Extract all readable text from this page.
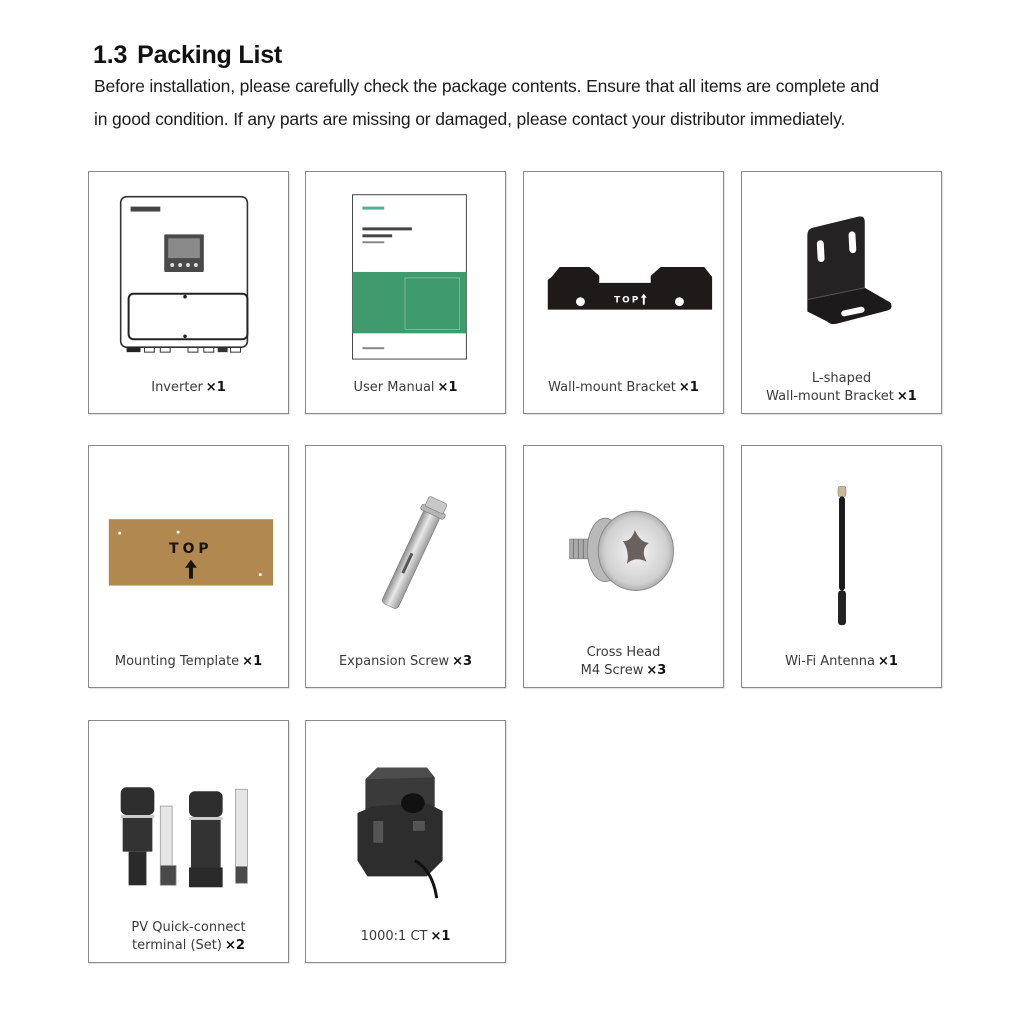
1.3 Packing List

Before installation, please carefully check the package contents. Ensure that all items are complete and

in good condition. If any parts are missing or damaged, please contact your distributor immediately.

Inverter ×1	User Manual ×1
TOP
Wall-mount Bracket ×1
L-shaped
Wall-mount Bracket ×1
TOP
Mounting Template ×1	Expansion Screw ×3
Cross Head
M4 Screw ×3
Wi-Fi Antenna ×1
PV Quick-connect
terminal (Set) ×2
1000:1 CT ×1
